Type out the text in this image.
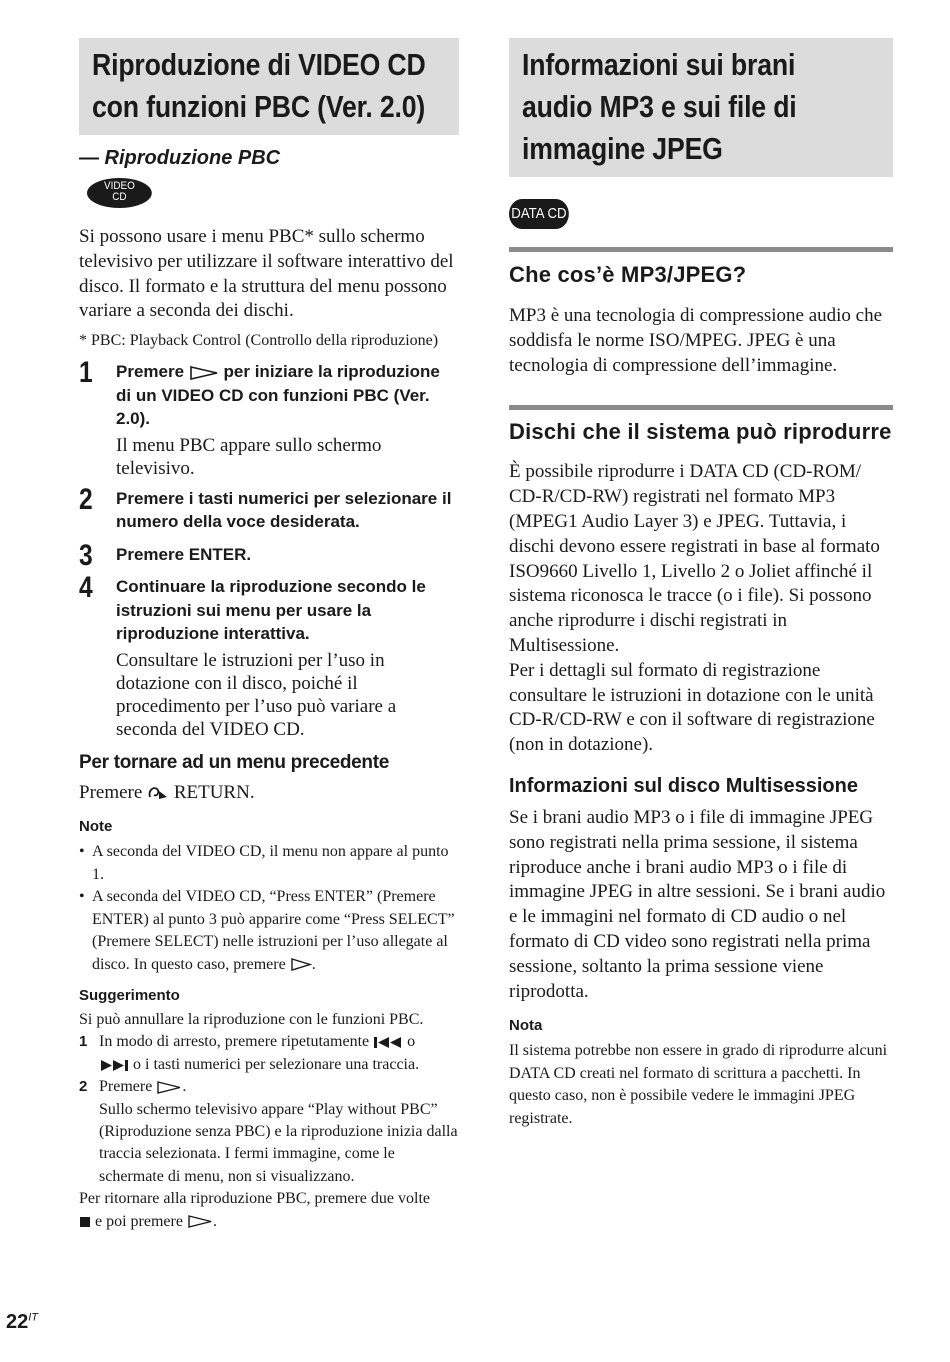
Riproduzione di VIDEO CD
con funzioni PBC (Ver. 2.0)
— Riproduzione PBC
VIDEO
CD

Si possono usare i menu PBC* sullo schermo televisivo per utilizzare il software interattivo del disco. Il formato e la struttura del menu possono variare a seconda dei dischi.

* PBC: Playback Control (Controllo della riproduzione)

1 Premere per iniziare la riproduzione di un VIDEO CD con funzioni PBC (Ver. 2.0).
Il menu PBC appare sullo schermo televisivo.
2 Premere i tasti numerici per selezionare il numero della voce desiderata.
3 Premere ENTER.
4 Continuare la riproduzione secondo le istruzioni sui menu per usare la riproduzione interattiva.
Consultare le istruzioni per l’uso in dotazione con il disco, poiché il procedimento per l’uso può variare a seconda del VIDEO CD.
Per tornare ad un menu precedente

Premere RETURN.

Note
• A seconda del VIDEO CD, il menu non appare al punto 1.
• A seconda del VIDEO CD, “Press ENTER” (Premere ENTER) al punto 3 può apparire come “Press SELECT” (Premere SELECT) nelle istruzioni per l’uso allegate al disco. In questo caso, premere .
Suggerimento

Si può annullare la riproduzione con le funzioni PBC.

1 In modo di arresto, premere ripetutamente o
o i tasti numerici per selezionare una traccia.
2 Premere .
Sullo schermo televisivo appare “Play without PBC” (Riproduzione senza PBC) e la riproduzione inizia dalla traccia selezionata. I fermi immagine, come le schermate di menu, non si visualizzano.

Per ritornare alla riproduzione PBC, premere due volte
e poi premere .

Informazioni sui brani
audio MP3 e sui file di
immagine JPEG
DATA CD
Che cos’è MP3/JPEG?

MP3 è una tecnologia di compressione audio che soddisfa le norme ISO/MPEG. JPEG è una tecnologia di compressione dell’immagine.

Dischi che il sistema può riprodurre

È possibile riprodurre i DATA CD (CD-ROM/ CD-R/CD-RW) registrati nel formato MP3 (MPEG1 Audio Layer 3) e JPEG. Tuttavia, i dischi devono essere registrati in base al formato ISO9660 Livello 1, Livello 2 o Joliet affinché il sistema riconosca le tracce (o i file). Si possono anche riprodurre i dischi registrati in Multisessione.

Per i dettagli sul formato di registrazione consultare le istruzioni in dotazione con le unità CD-R/CD-RW e con il software di registrazione (non in dotazione).

Informazioni sul disco Multisessione

Se i brani audio MP3 o i file di immagine JPEG sono registrati nella prima sessione, il sistema riproduce anche i brani audio MP3 o i file di immagine JPEG in altre sessioni. Se i brani audio e le immagini nel formato di CD audio o nel formato di CD video sono registrati nella prima sessione, soltanto la prima sessione viene riprodotta.

Nota

Il sistema potrebbe non essere in grado di riprodurre alcuni DATA CD creati nel formato di scrittura a pacchetti. In questo caso, non è possibile vedere le immagini JPEG registrate.

$22^{IT}$
